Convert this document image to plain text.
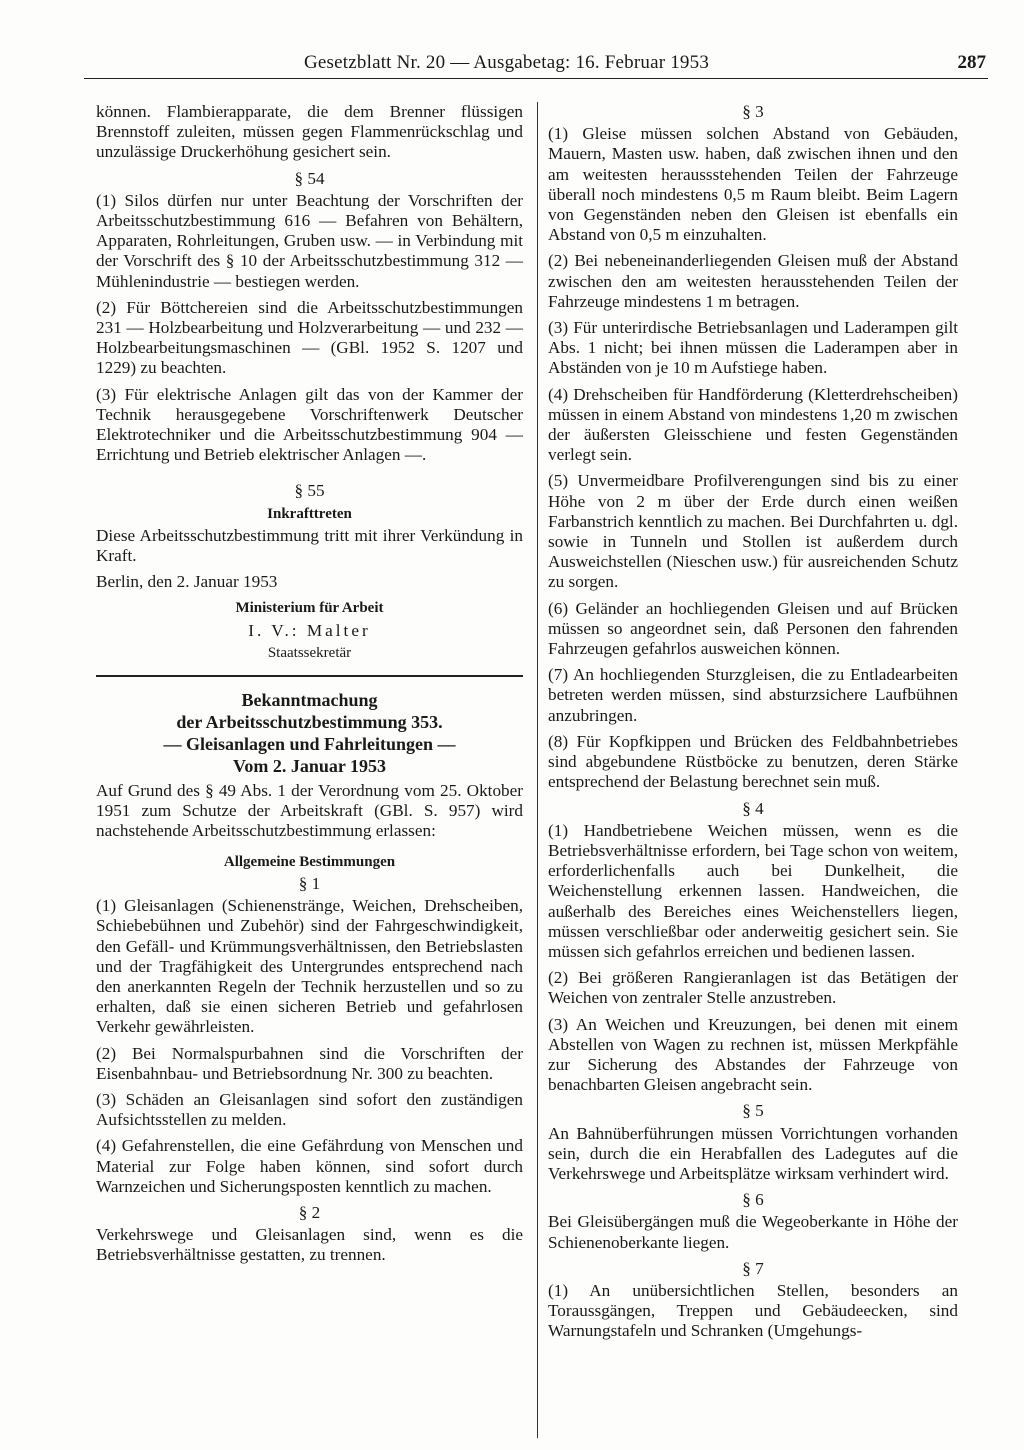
Gesetzblatt Nr. 20 — Ausgabetag: 16. Februar 1953	287

können. Flambierapparate, die dem Brenner flüssigen Brennstoff zuleiten, müssen gegen Flammenrückschlag und unzulässige Druckerhöhung gesichert sein.

§ 54

(1) Silos dürfen nur unter Beachtung der Vorschriften der Arbeitsschutzbestimmung 616 — Befahren von Behältern, Apparaten, Rohrleitungen, Gruben usw. — in Verbindung mit der Vorschrift des § 10 der Arbeitsschutzbestimmung 312 — Mühlenindustrie — bestiegen werden.

(2) Für Böttchereien sind die Arbeitsschutzbestimmungen 231 — Holzbearbeitung und Holzverarbeitung — und 232 — Holzbearbeitungsmaschinen — (GBl. 1952 S. 1207 und 1229) zu beachten.

(3) Für elektrische Anlagen gilt das von der Kammer der Technik herausgegebene Vorschriftenwerk Deutscher Elektrotechniker und die Arbeitsschutzbestimmung 904 — Errichtung und Betrieb elektrischer Anlagen —.

§ 55
Inkrafttreten

Diese Arbeitsschutzbestimmung tritt mit ihrer Verkündung in Kraft.

Berlin, den 2. Januar 1953

Ministerium für Arbeit
I. V.: Malter
Staatssekretär
Bekanntmachung
der Arbeitsschutzbestimmung 353.
— Gleisanlagen und Fahrleitungen —
Vom 2. Januar 1953

Auf Grund des § 49 Abs. 1 der Verordnung vom 25. Oktober 1951 zum Schutze der Arbeitskraft (GBl. S. 957) wird nachstehende Arbeitsschutzbestimmung erlassen:

Allgemeine Bestimmungen
§ 1

(1) Gleisanlagen (Schienenstränge, Weichen, Drehscheiben, Schiebebühnen und Zubehör) sind der Fahrgeschwindigkeit, den Gefäll- und Krümmungsverhältnissen, den Betriebslasten und der Tragfähigkeit des Untergrundes entsprechend nach den anerkannten Regeln der Technik herzustellen und so zu erhalten, daß sie einen sicheren Betrieb und gefahrlosen Verkehr gewährleisten.

(2) Bei Normalspurbahnen sind die Vorschriften der Eisenbahnbau- und Betriebsordnung Nr. 300 zu beachten.

(3) Schäden an Gleisanlagen sind sofort den zuständigen Aufsichtsstellen zu melden.

(4) Gefahrenstellen, die eine Gefährdung von Menschen und Material zur Folge haben können, sind sofort durch Warnzeichen und Sicherungsposten kenntlich zu machen.

§ 2

Verkehrswege und Gleisanlagen sind, wenn es die Betriebsverhältnisse gestatten, zu trennen.

§ 3

(1) Gleise müssen solchen Abstand von Gebäuden, Mauern, Masten usw. haben, daß zwischen ihnen und den am weitesten heraussstehenden Teilen der Fahrzeuge überall noch mindestens 0,5 m Raum bleibt. Beim Lagern von Gegenständen neben den Gleisen ist ebenfalls ein Abstand von 0,5 m einzuhalten.

(2) Bei nebeneinanderliegenden Gleisen muß der Abstand zwischen den am weitesten herausstehenden Teilen der Fahrzeuge mindestens 1 m betragen.

(3) Für unterirdische Betriebsanlagen und Laderampen gilt Abs. 1 nicht; bei ihnen müssen die Laderampen aber in Abständen von je 10 m Aufstiege haben.

(4) Drehscheiben für Handförderung (Kletterdrehscheiben) müssen in einem Abstand von mindestens 1,20 m zwischen der äußersten Gleisschiene und festen Gegenständen verlegt sein.

(5) Unvermeidbare Profilverengungen sind bis zu einer Höhe von 2 m über der Erde durch einen weißen Farbanstrich kenntlich zu machen. Bei Durchfahrten u. dgl. sowie in Tunneln und Stollen ist außerdem durch Ausweichstellen (Nieschen usw.) für ausreichenden Schutz zu sorgen.

(6) Geländer an hochliegenden Gleisen und auf Brücken müssen so angeordnet sein, daß Personen den fahrenden Fahrzeugen gefahrlos ausweichen können.

(7) An hochliegenden Sturzgleisen, die zu Entladearbeiten betreten werden müssen, sind absturzsichere Laufbühnen anzubringen.

(8) Für Kopfkippen und Brücken des Feldbahnbetriebes sind abgebundene Rüstböcke zu benutzen, deren Stärke entsprechend der Belastung berechnet sein muß.

§ 4

(1) Handbetriebene Weichen müssen, wenn es die Betriebsverhältnisse erfordern, bei Tage schon von weitem, erforderlichenfalls auch bei Dunkelheit, die Weichenstellung erkennen lassen. Handweichen, die außerhalb des Bereiches eines Weichenstellers liegen, müssen verschließbar oder anderweitig gesichert sein. Sie müssen sich gefahrlos erreichen und bedienen lassen.

(2) Bei größeren Rangieranlagen ist das Betätigen der Weichen von zentraler Stelle anzustreben.

(3) An Weichen und Kreuzungen, bei denen mit einem Abstellen von Wagen zu rechnen ist, müssen Merkpfähle zur Sicherung des Abstandes der Fahrzeuge von benachbarten Gleisen angebracht sein.

§ 5

An Bahnüberführungen müssen Vorrichtungen vorhanden sein, durch die ein Herabfallen des Ladegutes auf die Verkehrswege und Arbeitsplätze wirksam verhindert wird.

§ 6

Bei Gleisübergängen muß die Wegeoberkante in Höhe der Schienenoberkante liegen.

§ 7

(1) An unübersichtlichen Stellen, besonders an Toraussgängen, Treppen und Gebäudeecken, sind Warnungstafeln und Schranken (Umgehungs-
